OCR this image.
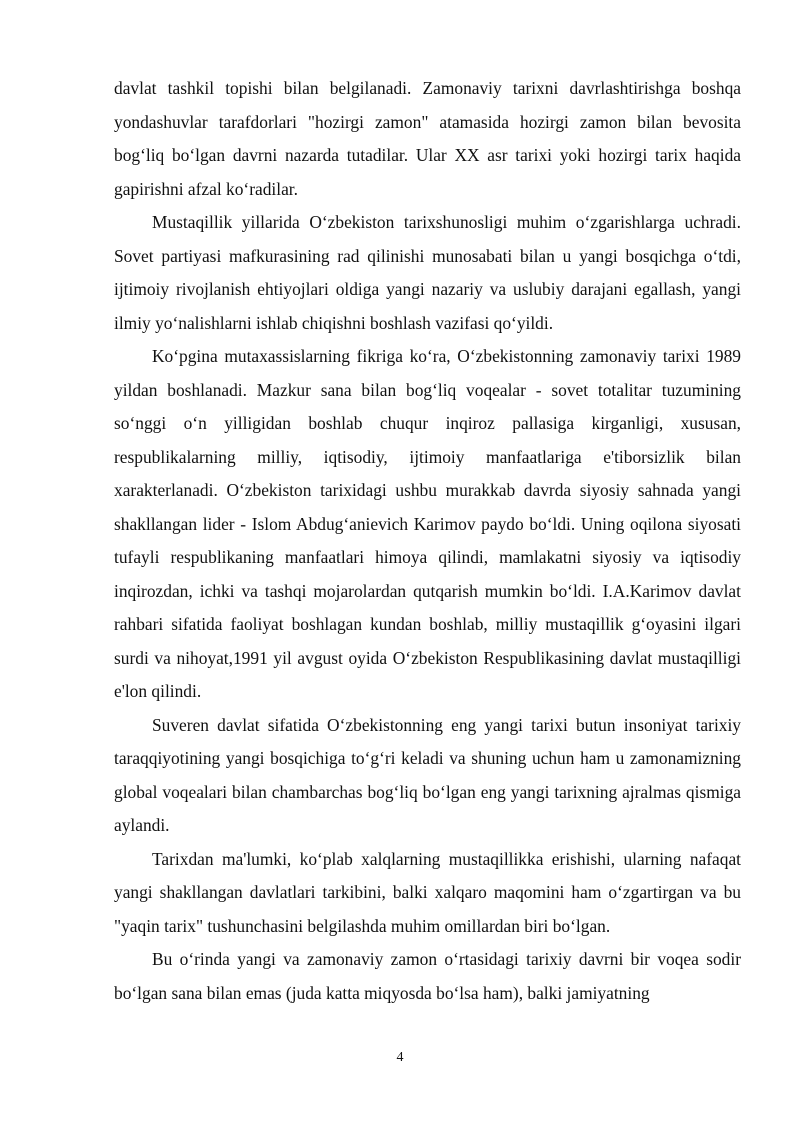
davlat tashkil topishi bilan belgilanadi. Zamonaviy tarixni davrlashtirishga boshqa yondashuvlar tarafdorlari "hozirgi zamon" atamasida hozirgi zamon bilan bevosita bog‘liq bo‘lgan davrni nazarda tutadilar. Ular XX asr tarixi yoki hozirgi tarix haqida gapirishni afzal ko‘radilar.

Mustaqillik yillarida O‘zbekiston tarixshunosligi muhim o‘zgarishlarga uchradi. Sovet partiyasi mafkurasining rad qilinishi munosabati bilan u yangi bosqichga o‘tdi, ijtimoiy rivojlanish ehtiyojlari oldiga yangi nazariy va uslubiy darajani egallash, yangi ilmiy yo‘nalishlarni ishlab chiqishni boshlash vazifasi qo‘yildi.

Ko‘pgina mutaxassislarning fikriga ko‘ra, O‘zbekistonning zamonaviy tarixi 1989 yildan boshlanadi. Mazkur sana bilan bog‘liq voqealar - sovet totalitar tuzumining so‘nggi o‘n yilligidan boshlab chuqur inqiroz pallasiga kirganligi, xususan, respublikalarning milliy, iqtisodiy, ijtimoiy manfaatlariga e'tiborsizlik bilan xarakterlanadi. O‘zbekiston tarixidagi ushbu murakkab davrda siyosiy sahnada yangi shakllangan lider - Islom Abdug‘anievich Karimov paydo bo‘ldi. Uning oqilona siyosati tufayli respublikaning manfaatlari himoya qilindi, mamlakatni siyosiy va iqtisodiy inqirozdan, ichki va tashqi mojarolardan qutqarish mumkin bo‘ldi. I.A.Karimov davlat rahbari sifatida faoliyat boshlagan kundan boshlab, milliy mustaqillik g‘oyasini ilgari surdi va nihoyat,1991 yil avgust oyida O‘zbekiston Respublikasining davlat mustaqilligi e'lon qilindi.

Suveren davlat sifatida O‘zbekistonning eng yangi tarixi butun insoniyat tarixiy taraqqiyotining yangi bosqichiga to‘g‘ri keladi va shuning uchun ham u zamonamizning global voqealari bilan chambarchas bog‘liq bo‘lgan eng yangi tarixning ajralmas qismiga aylandi.

Tarixdan ma'lumki, ko‘plab xalqlarning mustaqillikka erishishi, ularning nafaqat yangi shakllangan davlatlari tarkibini, balki xalqaro maqomini ham o‘zgartirgan va bu "yaqin tarix" tushunchasini belgilashda muhim omillardan biri bo‘lgan.

Bu o‘rinda yangi va zamonaviy zamon o‘rtasidagi tarixiy davrni bir voqea sodir bo‘lgan sana bilan emas (juda katta miqyosda bo‘lsa ham), balki jamiyatning

4
